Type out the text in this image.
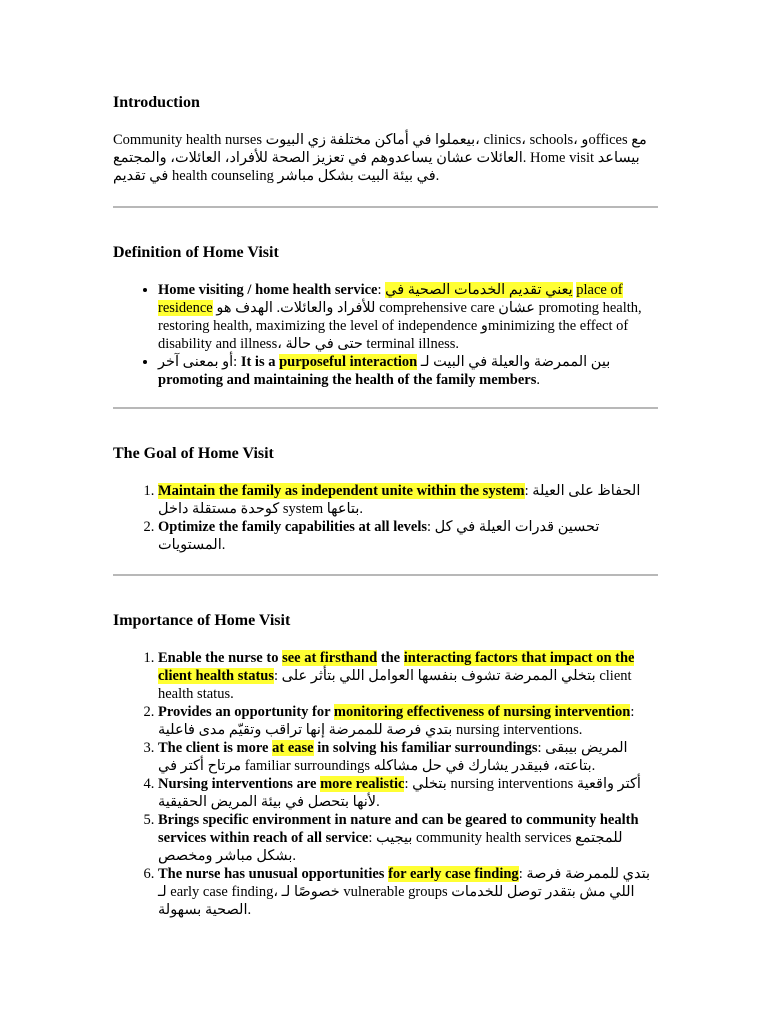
Introduction

Community health nurses بيعملوا في أماكن مختلفة زي البيوت، clinics، schools، وoffices مع العائلات عشان يساعدوهم في تعزيز الصحة للأفراد، العائلات، والمجتمع. Home visit بيساعد في تقديم health counseling في بيئة البيت بشكل مباشر.

Definition of Home Visit
• Home visiting / home health service: يعني تقديم الخدمات الصحية في place of residence للأفراد والعائلات. الهدف هو comprehensive care عشان promoting health, restoring health, maximizing the level of independence وminimizing the effect of disability and illness، حتى في حالة terminal illness.
• أو بمعنى آخر: It is a purposeful interaction بين الممرضة والعيلة في البيت لـ promoting and maintaining the health of the family members.
The Goal of Home Visit
1. Maintain the family as independent unite within the system: الحفاظ على العيلة كوحدة مستقلة داخل system بتاعها.
2. Optimize the family capabilities at all levels: تحسين قدرات العيلة في كل المستويات.
Importance of Home Visit
1. Enable the nurse to see at firsthand the interacting factors that impact on the client health status: بتخلي الممرضة تشوف بنفسها العوامل اللي بتأثر على client health status.
2. Provides an opportunity for monitoring effectiveness of nursing intervention: بتدي فرصة للممرضة إنها تراقب وتقيّم مدى فاعلية nursing interventions.
3. The client is more at ease in solving his familiar surroundings: المريض بيبقى مرتاح أكتر في familiar surroundings بتاعته، فبيقدر يشارك في حل مشاكله.
4. Nursing interventions are more realistic: بتخلي nursing interventions أكتر واقعية لأنها بتحصل في بيئة المريض الحقيقية.
5. Brings specific environment in nature and can be geared to community health services within reach of all service: بيجيب community health services للمجتمع بشكل مباشر ومخصص.
6. The nurse has unusual opportunities for early case finding: بتدي للممرضة فرصة لـ early case finding، خصوصًا لـ vulnerable groups اللي مش بتقدر توصل للخدمات الصحية بسهولة.
